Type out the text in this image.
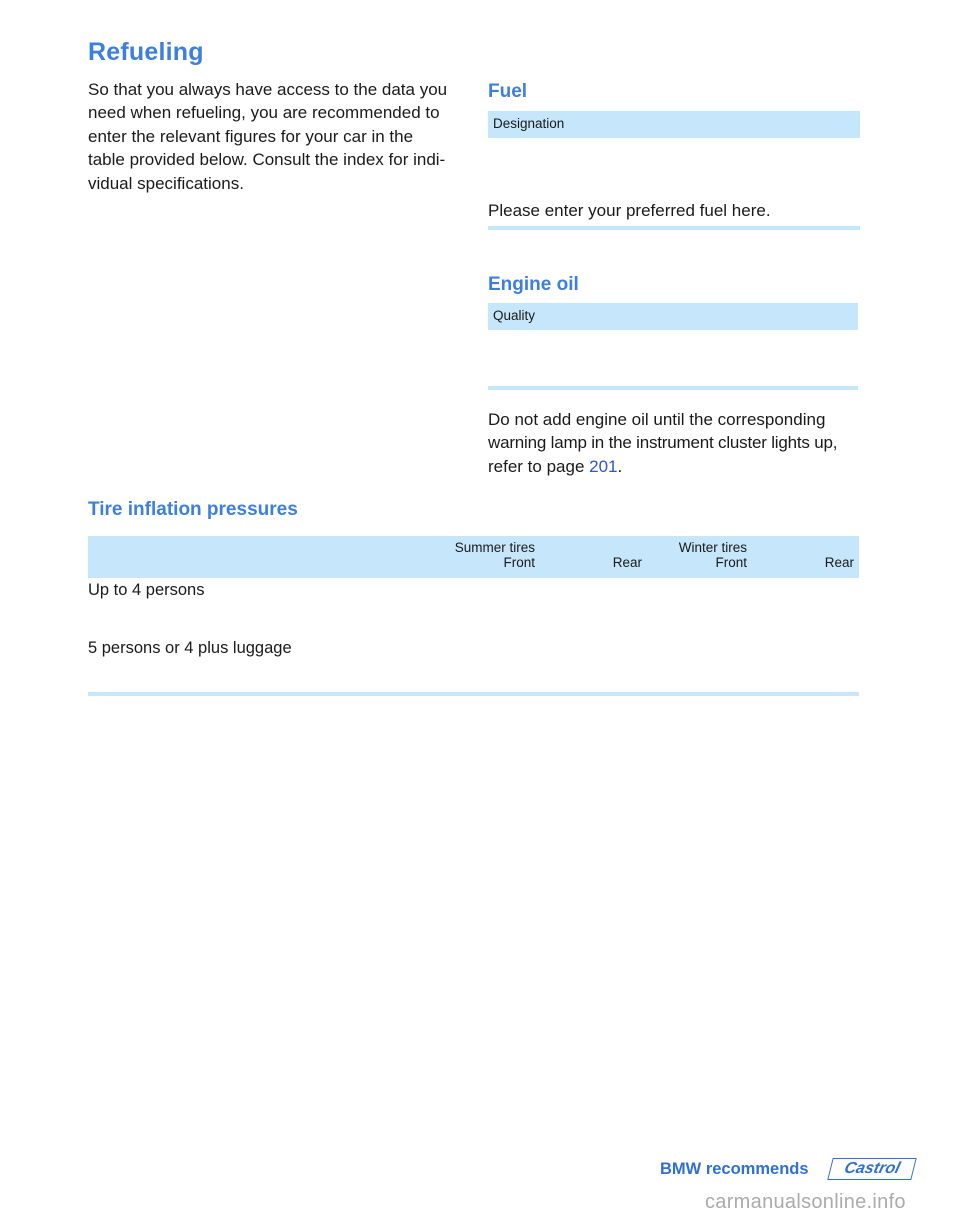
Refueling
So that you always have access to the data you
need when refueling, you are recommended to
enter the relevant figures for your car in the
table provided below. Consult the index for indi-
vidual specifications.
Fuel
Designation
Please enter your preferred fuel here.
Engine oil
Quality
Do not add engine oil until the corresponding
warning lamp in the instrument cluster lights up,
refer to page 201.
Tire inflation pressures
Summer tires
Front	Rear
Winter tires
Front	Rear
Up to 4 persons
5 persons or 4 plus luggage
BMW recommends Castrol
carmanualsonline.info
